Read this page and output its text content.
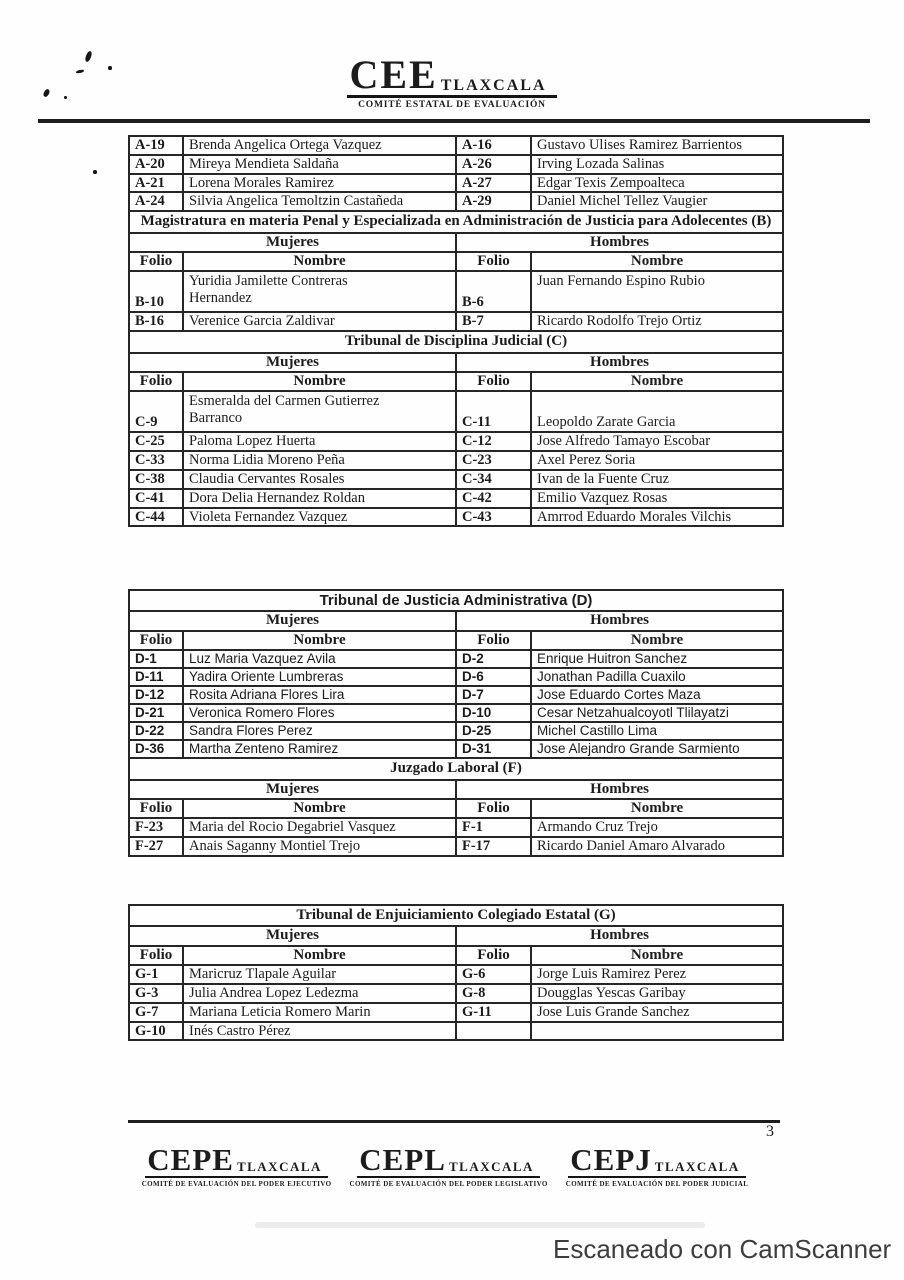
CEE TLAXCALA
COMITÉ ESTATAL DE EVALUACIÓN
A-19	Brenda Angelica Ortega Vazquez	A-16	Gustavo Ulises Ramirez Barrientos
A-20	Mireya Mendieta Saldaña	A-26	Irving Lozada Salinas
A-21	Lorena Morales Ramirez	A-27	Edgar Texis Zempoalteca
A-24	Silvia Angelica Temoltzin Castañeda	A-29	Daniel Michel Tellez Vaugier
Magistratura en materia Penal y Especializada en Administración de Justicia para Adolecentes (B)			
Mujeres		Hombres	
Folio	Nombre	Folio	Nombre
B-10	Yuridia Jamilette Contreras Hernandez	B-6	Juan Fernando Espino Rubio
B-16	Verenice Garcia Zaldivar	B-7	Ricardo Rodolfo Trejo Ortiz
Tribunal de Disciplina Judicial (C)			
Mujeres		Hombres	
Folio	Nombre	Folio	Nombre
C-9	Esmeralda del Carmen Gutierrez Barranco	C-11	Leopoldo Zarate Garcia
C-25	Paloma Lopez Huerta	C-12	Jose Alfredo Tamayo Escobar
C-33	Norma Lidia Moreno Peña	C-23	Axel Perez Soria
C-38	Claudia Cervantes Rosales	C-34	Ivan de la Fuente Cruz
C-41	Dora Delia Hernandez Roldan	C-42	Emilio Vazquez Rosas
C-44	Violeta Fernandez Vazquez	C-43	Amrrod Eduardo Morales Vilchis
Tribunal de Justicia Administrativa (D)			
Mujeres		Hombres	
Folio	Nombre	Folio	Nombre
D-1	Luz Maria Vazquez Avila	D-2	Enrique Huitron Sanchez
D-11	Yadira Oriente Lumbreras	D-6	Jonathan Padilla Cuaxilo
D-12	Rosita Adriana Flores Lira	D-7	Jose Eduardo Cortes Maza
D-21	Veronica Romero Flores	D-10	Cesar Netzahualcoyotl Tlilayatzi
D-22	Sandra Flores Perez	D-25	Michel Castillo Lima
D-36	Martha Zenteno Ramirez	D-31	Jose Alejandro Grande Sarmiento
Juzgado Laboral (F)			
Mujeres		Hombres	
Folio	Nombre	Folio	Nombre
F-23	Maria del Rocio Degabriel Vasquez	F-1	Armando Cruz Trejo
F-27	Anais Saganny Montiel Trejo	F-17	Ricardo Daniel Amaro Alvarado
Tribunal de Enjuiciamiento Colegiado Estatal (G)			
Mujeres		Hombres	
Folio	Nombre	Folio	Nombre
G-1	Maricruz Tlapale Aguilar	G-6	Jorge Luis Ramirez Perez
G-3	Julia Andrea Lopez Ledezma	G-8	Dougglas Yescas Garibay
G-7	Mariana Leticia Romero Marin	G-11	Jose Luis Grande Sanchez
G-10	Inés Castro Pérez		
3
CEPE TLAXCALA
COMITÉ DE EVALUACIÓN DEL PODER EJECUTIVO
CEPL TLAXCALA
COMITÉ DE EVALUACIÓN DEL PODER LEGISLATIVO
CEPJ TLAXCALA
COMITÉ DE EVALUACIÓN DEL PODER JUDICIAL
Escaneado con CamScanner
